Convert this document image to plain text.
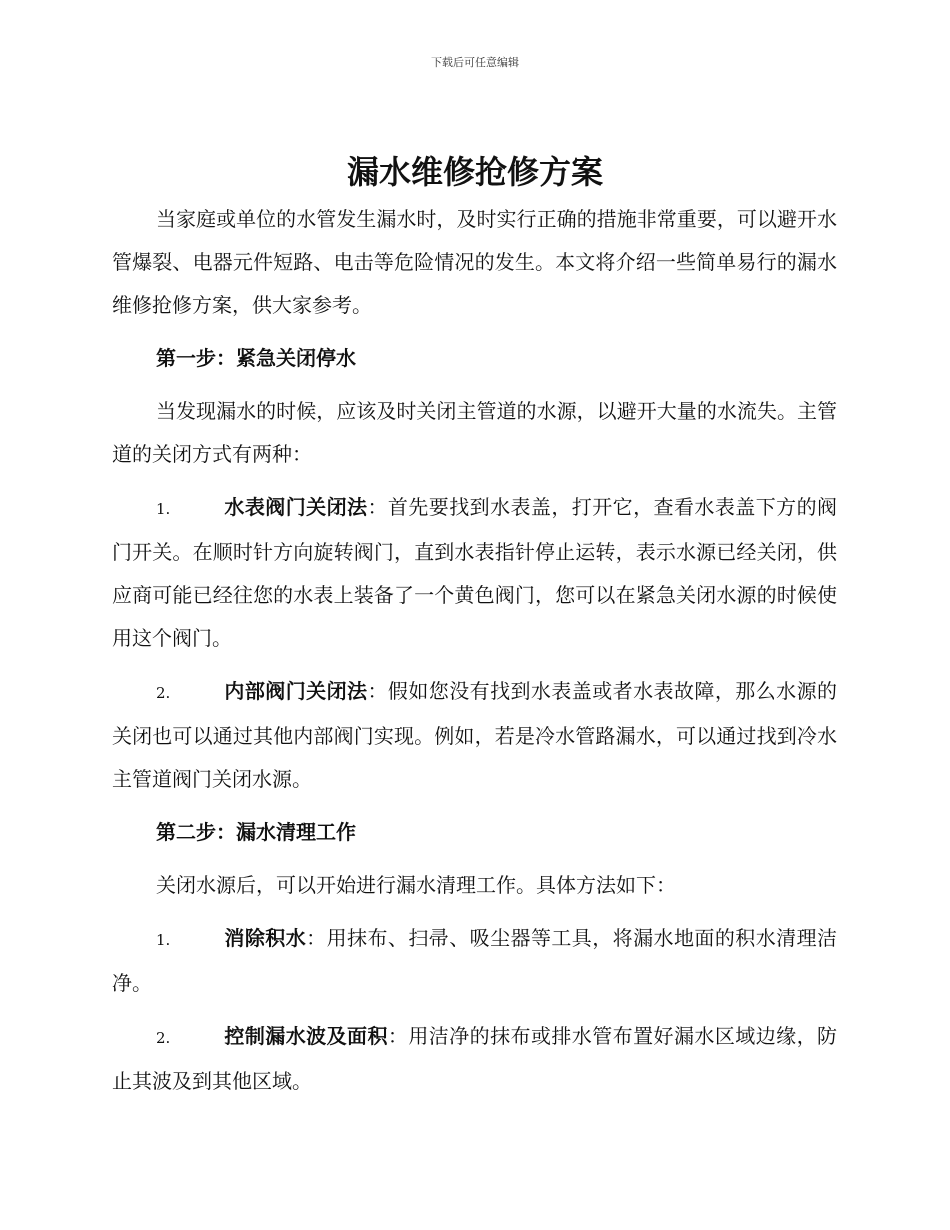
下载后可任意编辑
漏水维修抢修方案

当家庭或单位的水管发生漏水时，及时实行正确的措施非常重要，可以避开水管爆裂、电器元件短路、电击等危险情况的发生。本文将介绍一些简单易行的漏水维修抢修方案，供大家参考。

第一步：紧急关闭停水

当发现漏水的时候，应该及时关闭主管道的水源，以避开大量的水流失。主管道的关闭方式有两种：

1.	水表阀门关闭法：首先要找到水表盖，打开它，查看水表盖下方的阀门开关。在顺时针方向旋转阀门，直到水表指针停止运转，表示水源已经关闭，供应商可能已经往您的水表上装备了一个黄色阀门，您可以在紧急关闭水源的时候使用这个阀门。

2.	内部阀门关闭法：假如您没有找到水表盖或者水表故障，那么水源的关闭也可以通过其他内部阀门实现。例如，若是冷水管路漏水，可以通过找到冷水主管道阀门关闭水源。

第二步：漏水清理工作

关闭水源后，可以开始进行漏水清理工作。具体方法如下：

1.	消除积水：用抹布、扫帚、吸尘器等工具，将漏水地面的积水清理洁净。

2.	控制漏水波及面积：用洁净的抹布或排水管布置好漏水区域边缘，防止其波及到其他区域。
